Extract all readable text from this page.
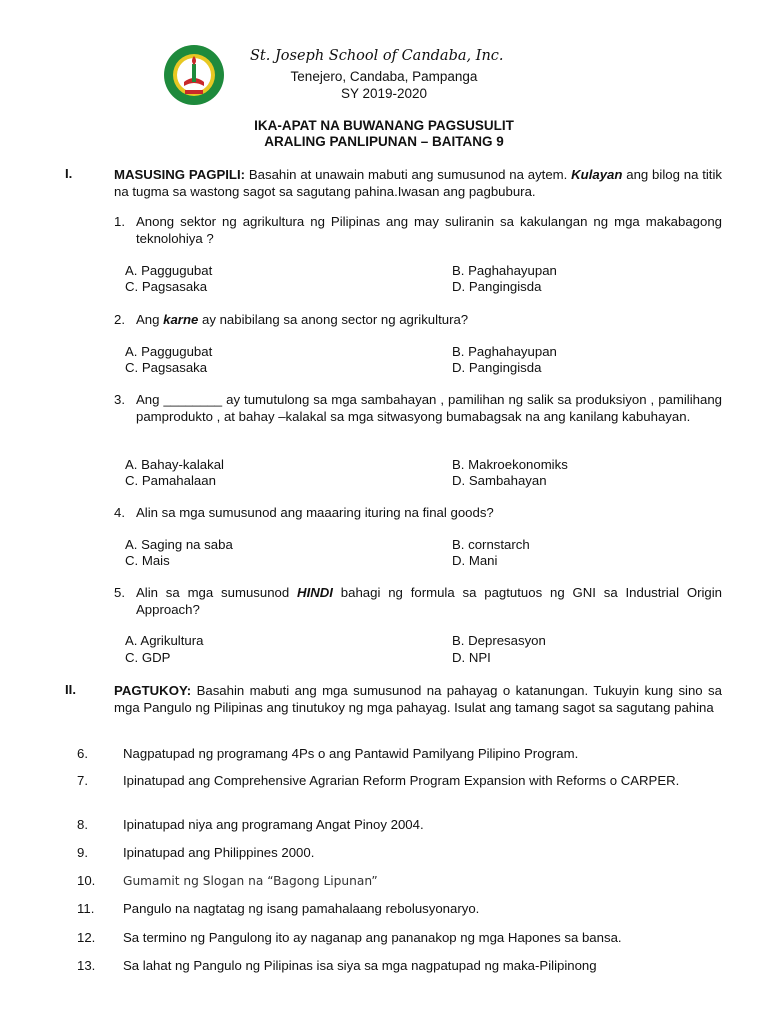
St. Joseph School of Candaba, Inc.
Tenejero, Candaba, Pampanga
SY 2019-2020
IKA-APAT NA BUWANANG PAGSUSULIT
ARALING PANLIPUNAN – BAITANG 9
I.	MASUSING PAGPILI: Basahin at unawain mabuti ang sumusunod na aytem. Kulayan ang bilog na titik na tugma sa wastong sagot sa sagutang pahina.Iwasan ang pagbubura.
1. Anong sektor ng agrikultura ng Pilipinas ang may suliranin sa kakulangan ng mga makabagong teknolohiya ?
A. Paggugubat	B. Paghahayupan
C. Pagsasaka	D. Pangingisda
2. Ang karne ay nabibilang sa anong sector ng agrikultura?
A. Paggugubat	B. Paghahayupan
C. Pagsasaka	D. Pangingisda
3. Ang ________ ay tumutulong sa mga sambahayan , pamilihan ng salik sa produksiyon , pamilihang pamprodukto , at bahay –kalakal sa mga sitwasyong bumabagsak na ang kanilang kabuhayan.
A. Bahay-kalakal	B. Makroekonomiks
C. Pamahalaan	D. Sambahayan
4. Alin sa mga sumusunod ang maaaring ituring na final goods?
A. Saging na saba	B. cornstarch
C. Mais	D. Mani
5. Alin sa mga sumusunod HINDI bahagi ng formula sa pagtutuos ng GNI sa Industrial Origin Approach?
A. Agrikultura	B. Depresasyon
C. GDP	D. NPI
II.	PAGTUKOY: Basahin mabuti ang mga sumusunod na pahayag o katanungan. Tukuyin kung sino sa mga Pangulo ng Pilipinas ang tinutukoy ng mga pahayag. Isulat ang tamang sagot sa sagutang pahina
6.	Nagpatupad ng programang 4Ps o ang Pantawid Pamilyang Pilipino Program.
7.	Ipinatupad ang Comprehensive Agrarian Reform Program Expansion with Reforms o CARPER.
8.	Ipinatupad niya ang programang Angat Pinoy 2004.
9.	Ipinatupad ang Philippines 2000.
10.	Gumamit ng Slogan na “Bagong Lipunan”
11.	Pangulo na nagtatag ng isang pamahalaang rebolusyonaryo.
12.	Sa termino ng Pangulong ito ay naganap ang pananakop ng mga Hapones sa bansa.
13.	Sa lahat ng Pangulo ng Pilipinas isa siya sa mga nagpatupad ng maka-Pilipinong
